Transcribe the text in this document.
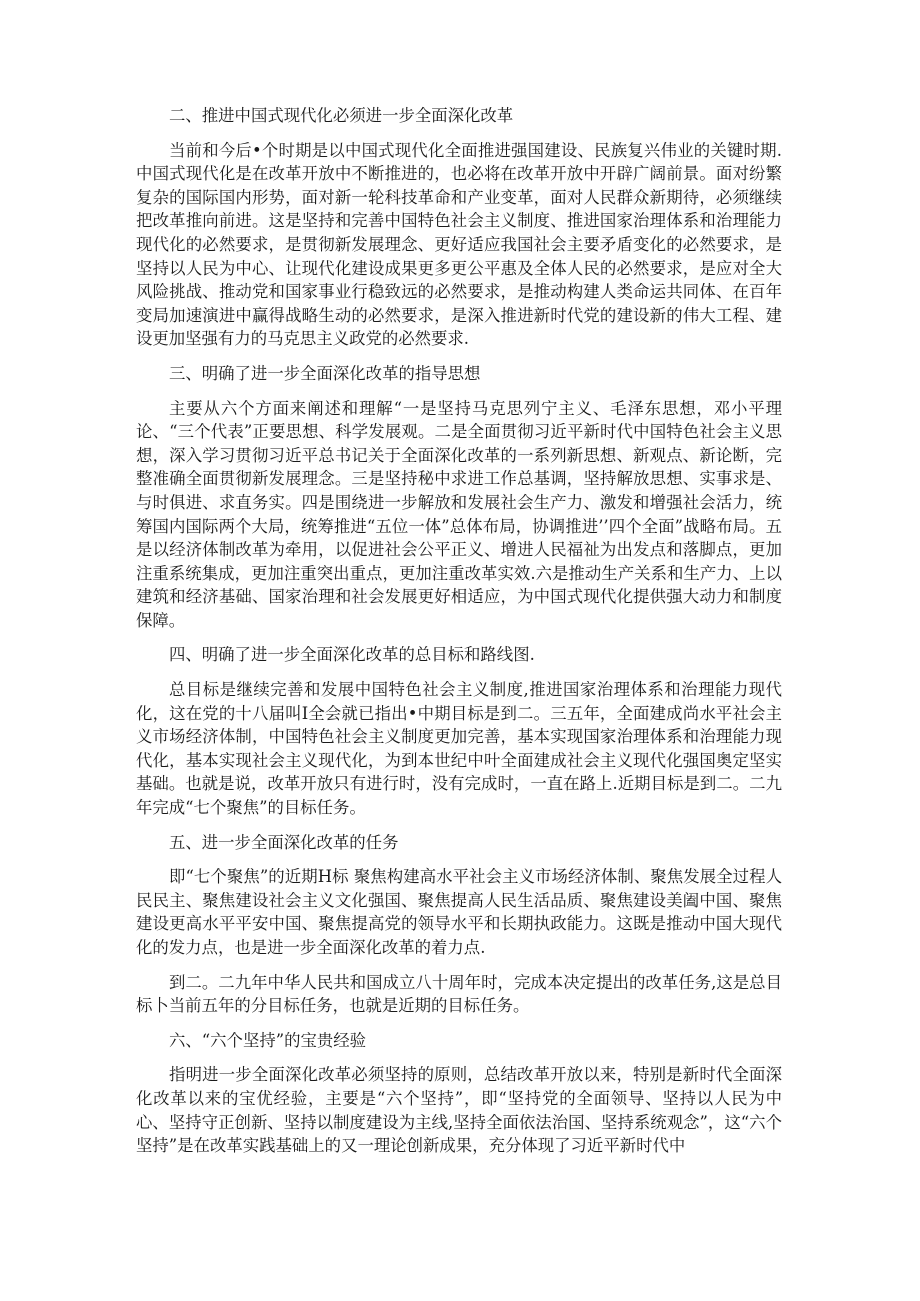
二、推进中国式现代化必须进一步全面深化改革

当前和今后•个时期是以中国式现代化全面推进强国建设、民族复兴伟业的关键时期.中国式现代化是在改革开放中不断推进的，也必将在改革开放中开辟广阔前景。面对纷繁复杂的国际国内形势，面对新一轮科技革命和产业变革，面对人民群众新期待，必须继续把改革推向前进。这是坚持和完善中国特色社会主义制度、推进国家治理体系和治理能力现代化的必然要求，是贯彻新发展理念、更好适应我国社会主要矛盾变化的必然要求，是坚持以人民为中心、让现代化建设成果更多更公平惠及全体人民的必然要求，是应对全大风险挑战、推动党和国家事业行稳致远的必然要求，是推动构建人类命运共同体、在百年变局加速演进中赢得战略生动的必然要求，是深入推进新时代党的建设新的伟大工程、建设更加坚强有力的马克思主义政党的必然要求.

三、明确了进一步全面深化改革的指导思想

主要从六个方面来阐述和理解“一是坚持马克思列宁主义、毛泽东思想，邓小平理论、“三个代表”正要思想、科学发展观。二是全面贯彻习近平新时代中国特色社会主义思想，深入学习贯彻习近平总书记关于全面深化改革的一系列新思想、新观点、新论断，完整准确全面贯彻新发展理念。三是坚持秘中求进工作总基调，坚持解放思想、实事求是、与时俱进、求直务实。四是围绕进一步解放和发展社会生产力、激发和增强社会活力，统筹国内国际两个大局，统筹推进“五位一体”总体布局，协调推进’’四个全面”战略布局。五是以经济体制改革为牵用，以促进社会公平正义、增进人民福祉为出发点和落脚点，更加注重系统集成，更加注重突出重点，更加注重改革实效.六是推动生产关系和生产力、上以建筑和经济基础、国家治理和社会发展更好相适应，为中国式现代化提供强大动力和制度保障。

四、明确了进一步全面深化改革的总目标和路线图.

总目标是继续完善和发展中国特色社会主义制度,推进国家治理体系和治理能力现代化，这在党的十八届叫I全会就已指出•中期目标是到二。三五年，全面建成尚水平社会主义市场经济体制，中国特色社会主义制度更加完善，基本实现国家治理体系和治理能力现代化，基本实现社会主义现代化，为到本世纪中叶全面建成社会主义现代化强国奥定坚实基础。也就是说，改革开放只有进行时，没有完成时，一直在路上.近期目标是到二。二九年完成“七个聚焦”的目标任务。

五、进一步全面深化改革的任务

即“七个聚焦”的近期H标 聚焦构建高水平社会主义市场经济体制、聚焦发展全过程人民民主、聚焦建设社会主义文化强国、聚焦提高人民生活品质、聚焦建设美阖中国、聚焦建设更高水平平安中国、聚焦提高党的领导水平和长期执政能力。这既是推动中国大现代化的发力点，也是进一步全面深化改革的着力点.

到二。二九年中华人民共和国成立八十周年时，完成本决定提出的改革任务,这是总目标卜当前五年的分目标任务，也就是近期的目标任务。

六、“六个坚持”的宝贵经验

指明进一步全面深化改革必须坚持的原则，总结改革开放以来，特别是新时代全面深化改革以来的宝优经验，主要是“六个坚持”，即“坚持党的全面领导、坚持以人民为中心、坚持守正创新、坚持以制度建设为主线,坚持全面依法治国、坚持系统观念”，这“六个坚持”是在改革实践基础上的又一理论创新成果，充分体现了习近平新时代中
